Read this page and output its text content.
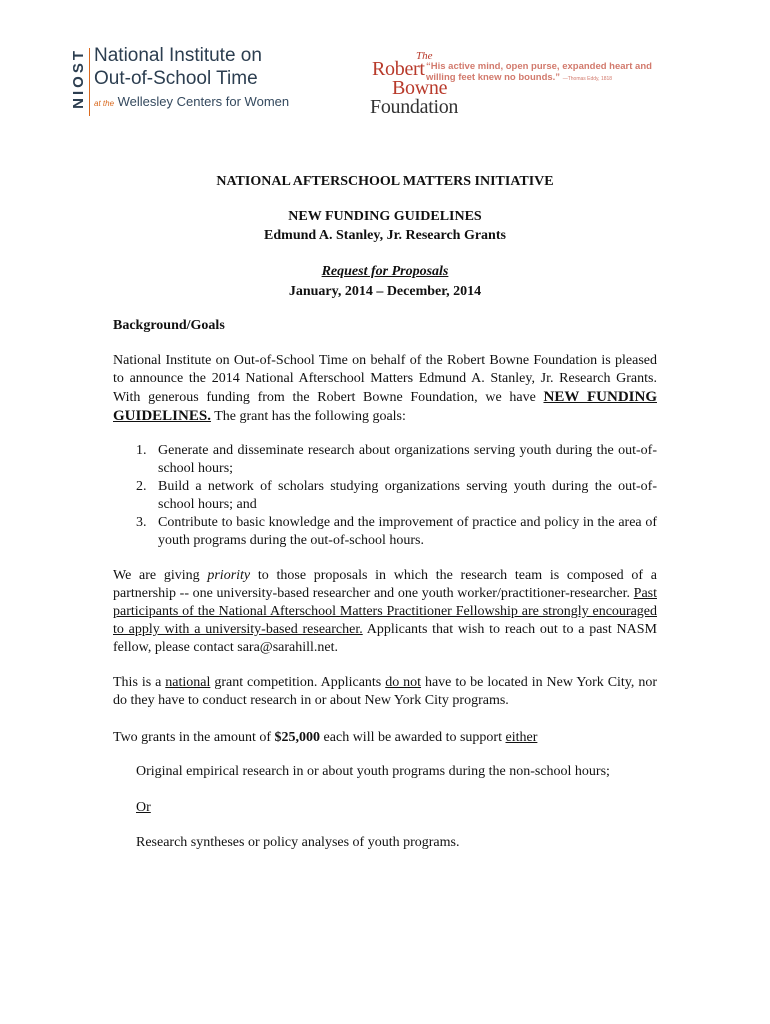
NIOST National Institute on
Out-of-School Time
at the Wellesley Centers for Women
The
Robert
Bowne
Foundation
“His active mind, open purse, expanded heart and willing feet knew no bounds.” —Thomas Eddy, 1818
NATIONAL AFTERSCHOOL MATTERS INITIATIVE
NEW FUNDING GUIDELINES
Edmund A. Stanley, Jr. Research Grants
Request for Proposals
January, 2014 – December, 2014
Background/Goals
National Institute on Out-of-School Time on behalf of the Robert Bowne Foundation is pleased to announce the 2014 National Afterschool Matters Edmund A. Stanley, Jr. Research Grants. With generous funding from the Robert Bowne Foundation, we have NEW FUNDING GUIDELINES. The grant has the following goals:
1. Generate and disseminate research about organizations serving youth during the out-of-school hours;
2. Build a network of scholars studying organizations serving youth during the out-of-school hours; and
3. Contribute to basic knowledge and the improvement of practice and policy in the area of youth programs during the out-of-school hours.
We are giving priority to those proposals in which the research team is composed of a partnership -- one university-based researcher and one youth worker/practitioner-researcher. Past participants of the National Afterschool Matters Practitioner Fellowship are strongly encouraged to apply with a university-based researcher. Applicants that wish to reach out to a past NASM fellow, please contact sara@sarahill.net.
This is a national grant competition. Applicants do not have to be located in New York City, nor do they have to conduct research in or about New York City programs.
Two grants in the amount of $25,000 each will be awarded to support either
Original empirical research in or about youth programs during the non-school hours;
Or
Research syntheses or policy analyses of youth programs.
